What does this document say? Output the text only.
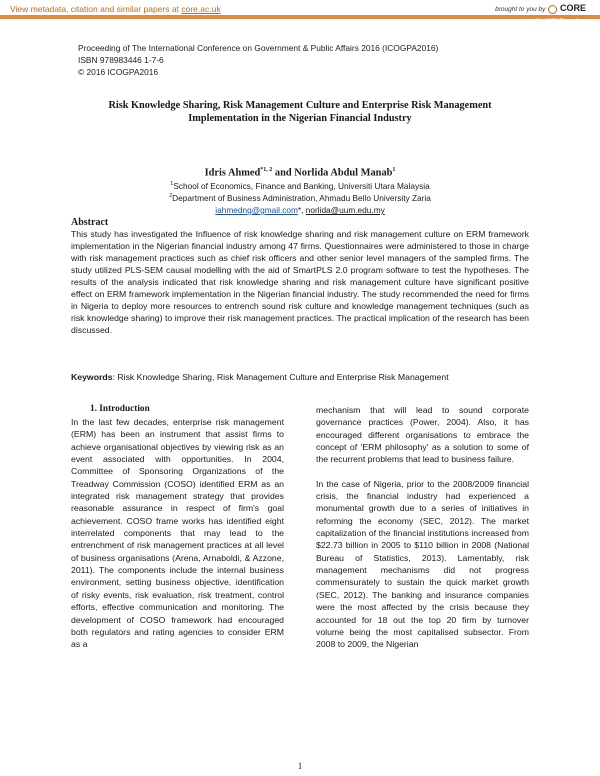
View metadata, citation and similar papers at core.ac.uk	brought to you by CORE
provided by UUM Repository
Proceeding of The International Conference on Government & Public Affairs 2016 (ICOGPA2016)
ISBN 978983446 1-7-6
© 2016 ICOGPA2016
Risk Knowledge Sharing, Risk Management Culture and Enterprise Risk Management
Implementation in the Nigerian Financial Industry
Idris Ahmed$^{*1, 2}$ and Norlida Abdul Manab$^1$
$^1$School of Economics, Finance and Banking, Universiti Utara Malaysia
$^2$Department of Business Administration, Ahmadu Bello University Zaria
iahmedng@gmail.com*, norlida@uum.edu.my
Abstract
This study has investigated the Influence of risk knowledge sharing and risk management culture on ERM framework implementation in the Nigerian financial industry among 47 firms. Questionnaires were administered to those in charge with risk management practices such as chief risk officers and other senior level managers of the sampled firms. The study utilized PLS-SEM causal modelling with the aid of SmartPLS 2.0 program software to test the hypotheses. The results of the analysis indicated that risk knowledge sharing and risk management culture have significant positive effect on ERM framework implementation in the Nigerian financial industry. The study recommended the need for firms in Nigeria to deploy more resources to entrench sound risk culture and knowledge management techniques (such as risk knowledge sharing) to improve their risk management practices. The practical implication of the research has been discussed.
Keywords: Risk Knowledge Sharing, Risk Management Culture and Enterprise Risk Management
1. Introduction

In the last few decades, enterprise risk management (ERM) has been an instrument that assist firms to achieve organisational objectives by viewing risk as an event associated with opportunities. In 2004, Committee of Sponsoring Organizations of the Treadway Commission (COSO) identified ERM as an integrated risk management strategy that provides reasonable assurance in respect of firm's goal achievement. COSO frame works has identified eight interrelated components that may lead to the entrenchment of risk management practices at all level of business organisations (Arena, Arnaboldi, & Azzone, 2011). The components include the internal business environment, setting business objective, identification of risky events, risk evaluation, risk treatment, control efforts, effective communication and monitoring. The development of COSO framework had encouraged both regulators and rating agencies to consider ERM as a

mechanism that will lead to sound corporate governance practices (Power, 2004). Also, it has encouraged different organisations to embrace the concept of 'ERM philosophy' as a solution to some of the recurrent problems that lead to business failure.

In the case of Nigeria, prior to the 2008/2009 financial crisis, the financial industry had experienced a monumental growth due to a series of initiatives in reforming the economy (SEC, 2012). The market capitalization of the financial institutions increased from $22.73 billion in 2005 to $110 billion in 2008 (National Bureau of Statistics, 2013). Lamentably, risk management mechanisms did not progress commensurately to sustain the quick market growth (SEC, 2012). The banking and insurance companies were the most affected by the crisis because they accounted for 18 out the top 20 firm by turnover volume being the most capitalised subsector. From 2008 to 2009, the Nigerian

1
